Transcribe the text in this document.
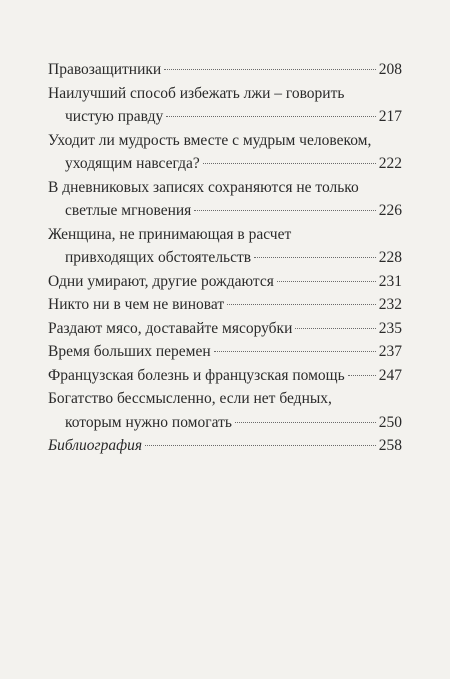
Правозащитники	208
Наилучший способ избежать лжи – говорить
чистую правду	217
Уходит ли мудрость вместе с мудрым человеком,
уходящим навсегда?	222
В дневниковых записях сохраняются не только
светлые мгновения	226
Женщина, не принимающая в расчет
привходящих обстоятельств	228
Одни умирают, другие рождаются	231
Никто ни в чем не виноват	232
Раздают мясо, доставайте мясорубки	235
Время больших перемен	237
Французская болезнь и французская помощь 247
Богатство бессмысленно, если нет бедных,
которым нужно помогать	250
Библиография	258
